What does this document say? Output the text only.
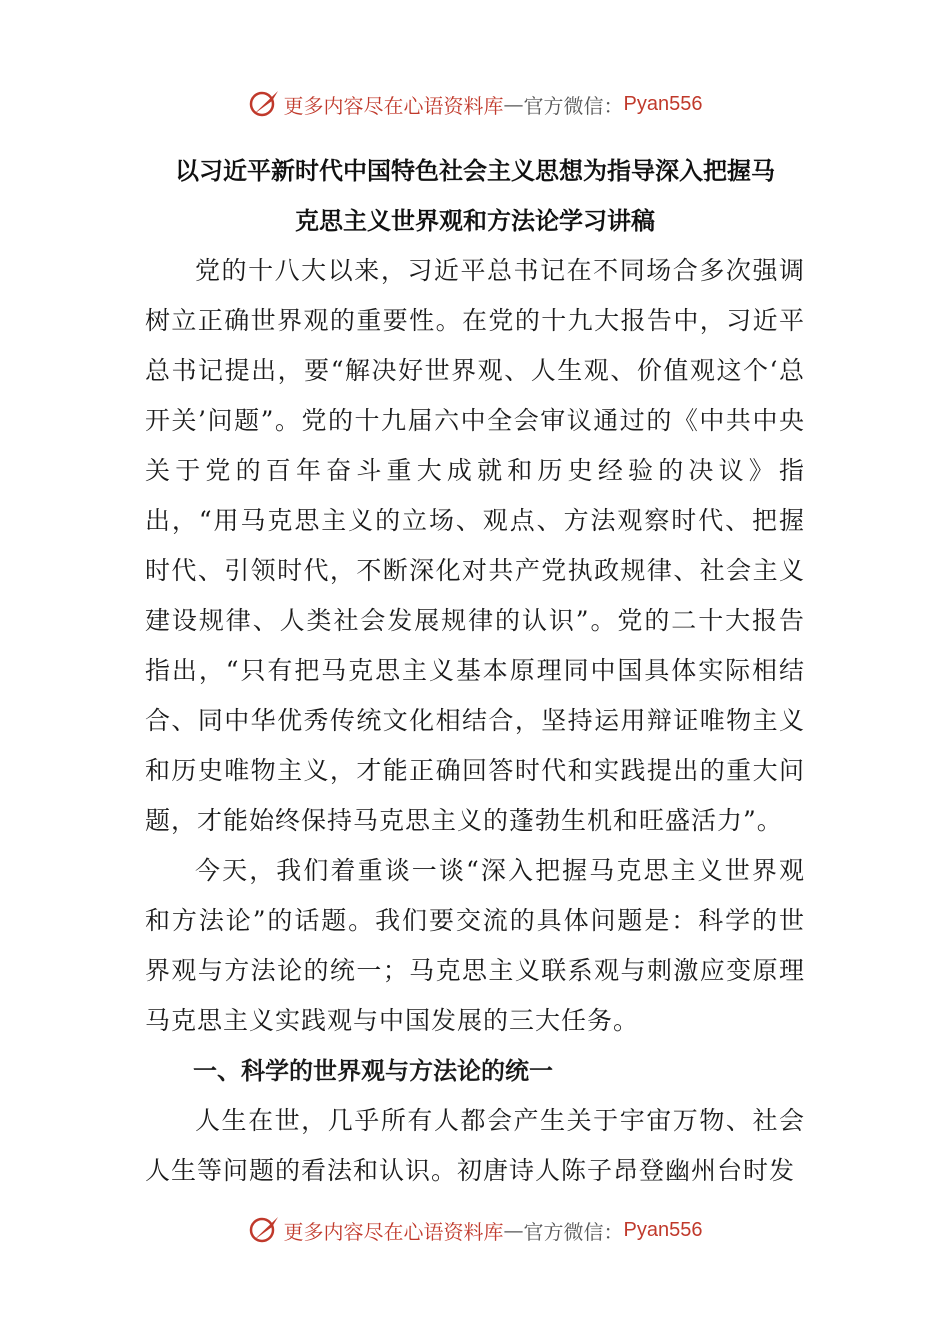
更多内容尽在心语资料库 — 官方微信： Pyan556
以习近平新时代中国特色社会主义思想为指导深入把握马
克思主义世界观和方法论学习讲稿

党的十八大以来，习近平总书记在不同场合多次强调树立正确世界观的重要性。在党的十九大报告中，习近平总书记提出，要“解决好世界观、人生观、价值观这个‘总开关’问题”。党的十九届六中全会审议通过的《中共中央关于党的百年奋斗重大成就和历史经验的决议》指出，“用马克思主义的立场、观点、方法观察时代、把握时代、引领时代，不断深化对共产党执政规律、社会主义建设规律、人类社会发展规律的认识”。党的二十大报告指出，“只有把马克思主义基本原理同中国具体实际相结合、同中华优秀传统文化相结合，坚持运用辩证唯物主义和历史唯物主义，才能正确回答时代和实践提出的重大问题，才能始终保持马克思主义的蓬勃生机和旺盛活力”。

今天，我们着重谈一谈“深入把握马克思主义世界观和方法论”的话题。我们要交流的具体问题是：科学的世界观与方法论的统一；马克思主义联系观与刺激应变原理马克思主义实践观与中国发展的三大任务。

一、科学的世界观与方法论的统一

人生在世，几乎所有人都会产生关于宇宙万物、社会人生等问题的看法和认识。初唐诗人陈子昂登幽州台时发

更多内容尽在心语资料库 — 官方微信： Pyan556
